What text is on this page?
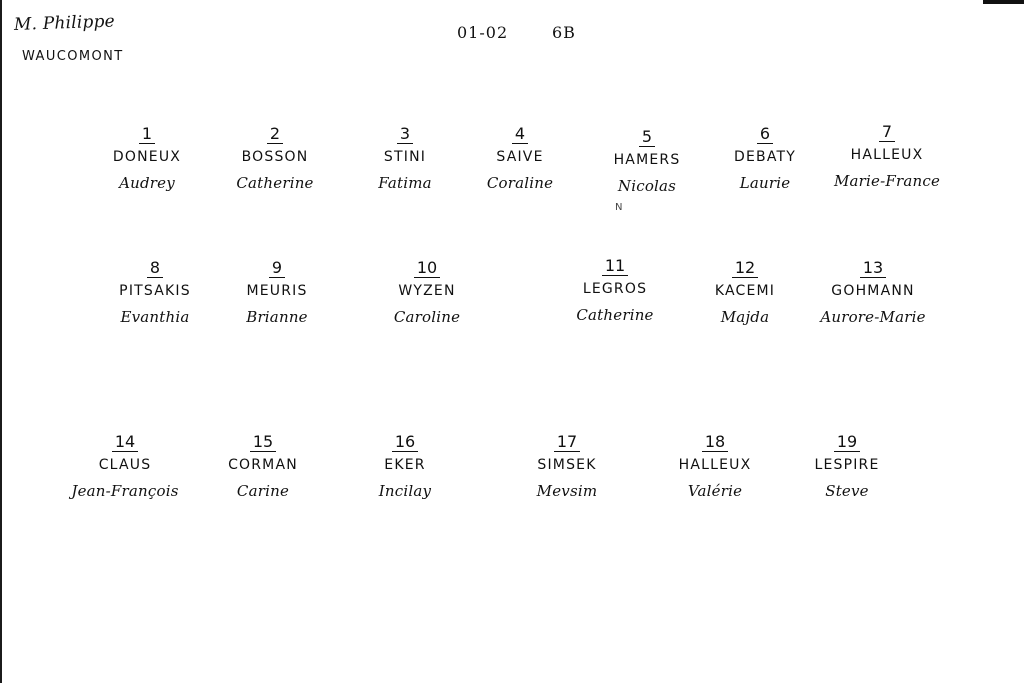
M. Philippe
WAUCOMONT
01-02	6B
1
DONEUX
Audrey
2
BOSSON
Catherine
3
STINI
Fatima
4
SAIVE
Coraline
5
HAMERS
Nicolas
6
DEBATY
Laurie
7
HALLEUX
Marie-France
8
PITSAKIS
Evanthia
9
MEURIS
Brianne
10
WYZEN
Caroline
11
LEGROS
Catherine
12
KACEMI
Majda
13
GOHMANN
Aurore-Marie
14
CLAUS
Jean-François
15
CORMAN
Carine
16
EKER
Incilay
17
SIMSEK
Mevsim
18
HALLEUX
Valérie
19
LESPIRE
Steve
N
